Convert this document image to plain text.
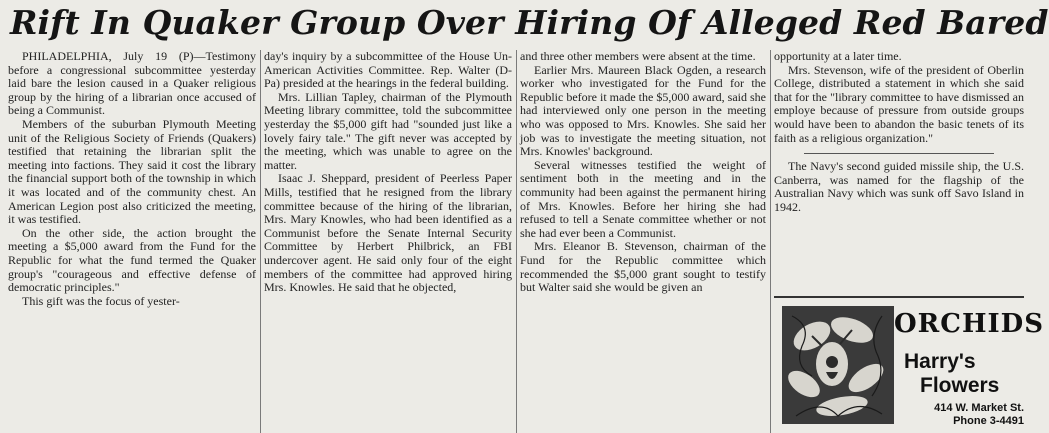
Rift In Quaker Group Over Hiring Of Alleged Red Bared

PHILADELPHIA, July 19 (P)—Testimony before a congressional subcommittee yesterday laid bare the lesion caused in a Quaker religious group by the hiring of a librarian once accused of being a Communist.

Members of the suburban Plymouth Meeting unit of the Religious Society of Friends (Quakers) testified that retaining the librarian split the meeting into factions. They said it cost the library the financial support both of the township in which it was located and of the community chest. An American Legion post also criticized the meeting, it was testified.

On the other side, the action brought the meeting a $5,000 award from the Fund for the Republic for what the fund termed the Quaker group's "courageous and effective defense of democratic principles."

This gift was the focus of yester-

day's inquiry by a subcommittee of the House Un-American Activities Committee. Rep. Walter (D-Pa) presided at the hearings in the federal building.

Mrs. Lillian Tapley, chairman of the Plymouth Meeting library committee, told the subcommittee yesterday the $5,000 gift had "sounded just like a lovely fairy tale." The gift never was accepted by the meeting, which was unable to agree on the matter.

Isaac J. Sheppard, president of Peerless Paper Mills, testified that he resigned from the library committee because of the hiring of the librarian, Mrs. Mary Knowles, who had been identified as a Communist before the Senate Internal Security Committee by Herbert Philbrick, an FBI undercover agent. He said only four of the eight members of the committee had approved hiring Mrs. Knowles. He said that he objected,

and three other members were absent at the time.

Earlier Mrs. Maureen Black Ogden, a research worker who investigated for the Fund for the Republic before it made the $5,000 award, said she had interviewed only one person in the meeting who was opposed to Mrs. Knowles. She said her job was to investigate the meeting situation, not Mrs. Knowles' background.

Several witnesses testified the weight of sentiment both in the meeting and in the community had been against the permanent hiring of Mrs. Knowles. Before her hiring she had refused to tell a Senate committee whether or not she had ever been a Communist.

Mrs. Eleanor B. Stevenson, chairman of the Fund for the Republic committee which recommended the $5,000 grant sought to testify but Walter said she would be given an

opportunity at a later time.

Mrs. Stevenson, wife of the president of Oberlin College, distributed a statement in which she said that for the "library committee to have dismissed an employe because of pressure from outside groups would have been to abandon the basic tenets of its faith as a religious organization."

The Navy's second guided missile ship, the U.S. Canberra, was named for the flagship of the Australian Navy which was sunk off Savo Island in 1942.

ORCHIDS
Harry's
Flowers
414 W. Market St.
Phone 3-4491
